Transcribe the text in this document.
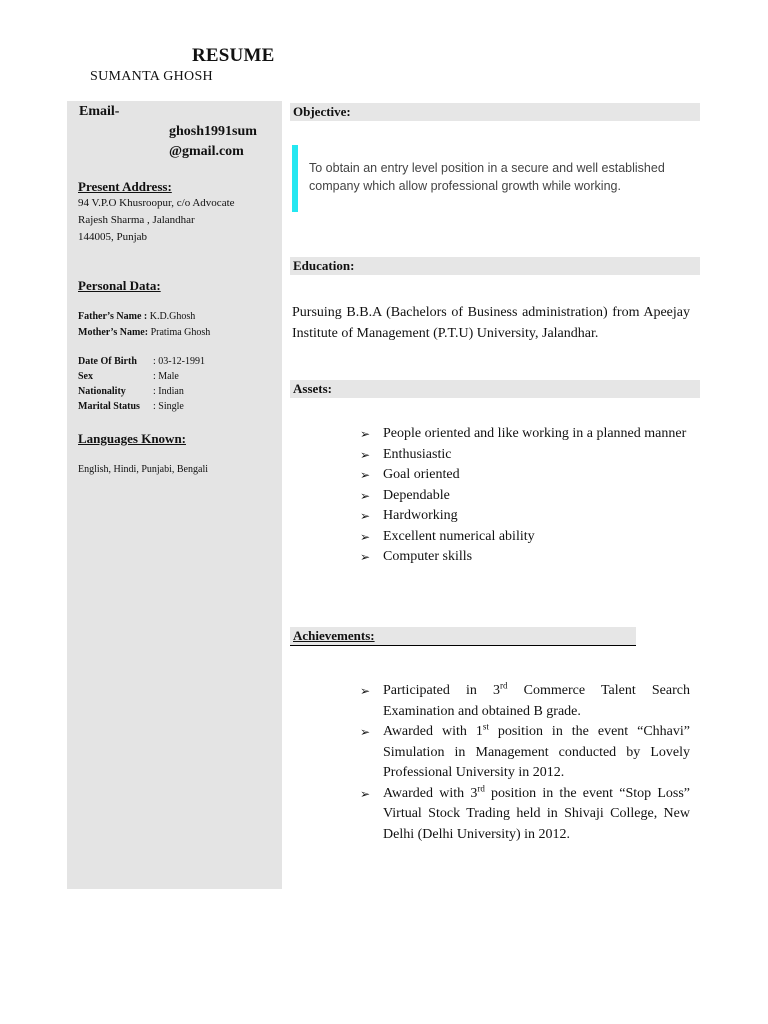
RESUME
SUMANTA GHOSH
Email-
ghosh1991sum
@gmail.com
Present Address:
94 V.P.O Khusroopur, c/o Advocate
Rajesh Sharma , Jalandhar
144005, Punjab
Personal Data:
Father’s Name : K.D.Ghosh
Mother’s Name: Pratima Ghosh
Date Of Birth : 03-12-1991
Sex	: Male
Nationality	: Indian
Marital Status : Single
Languages Known:
English, Hindi, Punjabi, Bengali
Objective:
To obtain an entry level position in a secure and well established company which allow professional growth while working.
Education:
Pursuing B.B.A (Bachelors of Business administration) from Apeejay Institute of Management (P.T.U) University, Jalandhar.
Assets:
➢ People oriented and like working in a planned manner
➢ Enthusiastic
➢ Goal oriented
➢ Dependable
➢ Hardworking
➢ Excellent numerical ability
➢ Computer skills
Achievements:
➢ Participated in 3rd Commerce Talent Search Examination and obtained B grade.
➢ Awarded with 1st position in the event “Chhavi” Simulation in Management conducted by Lovely Professional University in 2012.
➢ Awarded with 3rd position in the event “Stop Loss” Virtual Stock Trading held in Shivaji College, New Delhi (Delhi University) in 2012.
